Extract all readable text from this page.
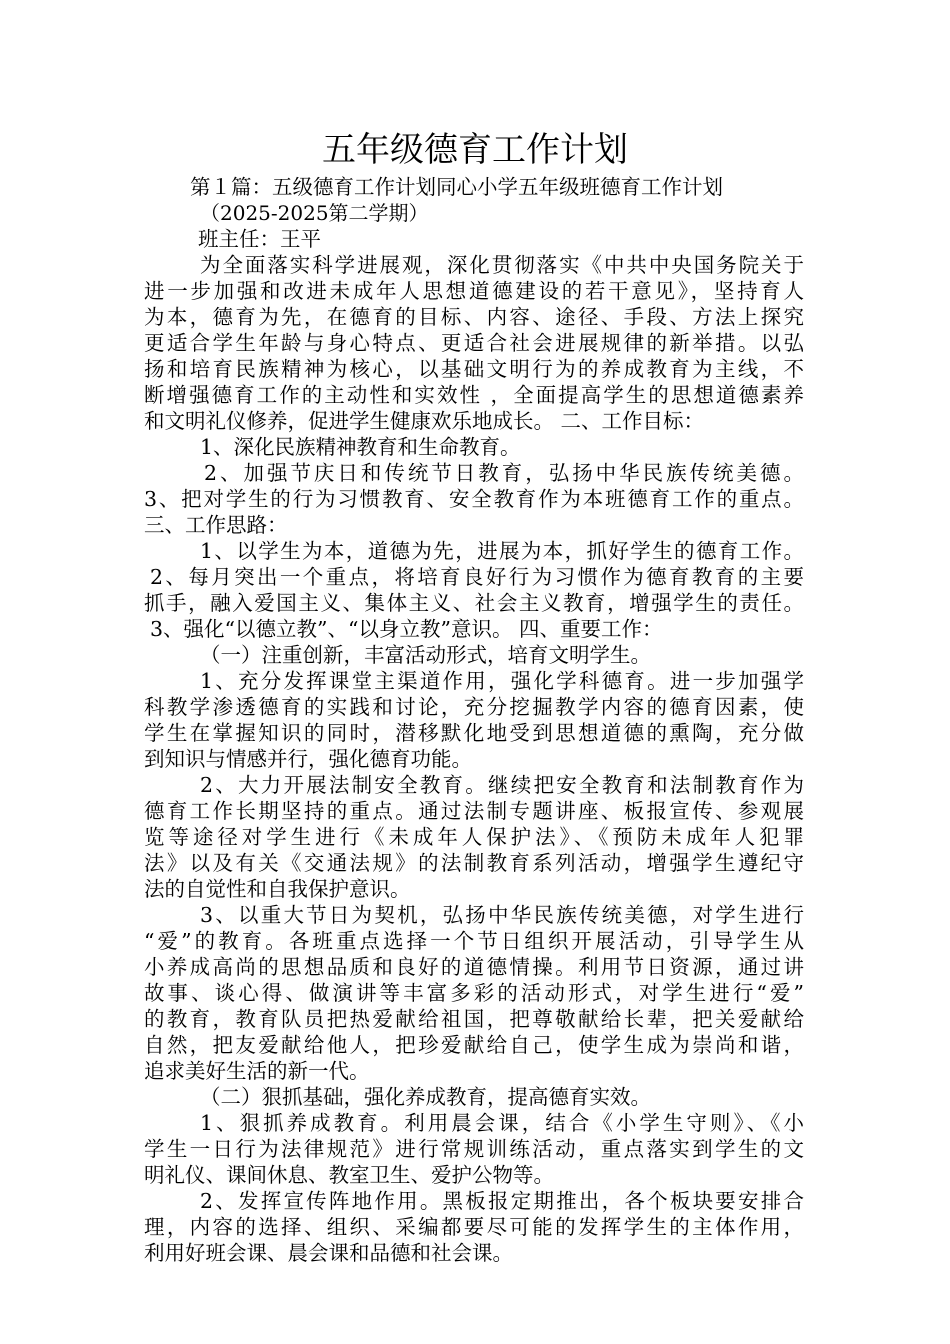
五年级德育工作计划
第１篇：五级德育工作计划同心小学五年级班德育工作计划
（2025-2025第二学期）
班主任：王平
为全面落实科学进展观，深化贯彻落实《中共中央国务院关于
进一步加强和改进未成年人思想道德建设的若干意见》，坚持育人
为本，德育为先，在德育的目标、内容、途径、手段、方法上探究
更适合学生年龄与身心特点、更适合社会进展规律的新举措。以弘
扬和培育民族精神为核心，以基础文明行为的养成教育为主线，不
断增强德育工作的主动性和实效性 ，全面提高学生的思想道德素养
和文明礼仪修养，促进学生健康欢乐地成长。 二、工作目标：
1、深化民族精神教育和生命教育。
2、加强节庆日和传统节日教育，弘扬中华民族传统美德。
3、把对学生的行为习惯教育、安全教育作为本班德育工作的重点。
三、工作思路：
1、以学生为本，道德为先，进展为本，抓好学生的德育工作。
2、每月突出一个重点，将培育良好行为习惯作为德育教育的主要
抓手，融入爱国主义、集体主义、社会主义教育，增强学生的责任。
3、强化“以德立教”、“以身立教”意识。 四、重要工作：
（一）注重创新，丰富活动形式，培育文明学生。
1、充分发挥课堂主渠道作用，强化学科德育。进一步加强学
科教学渗透德育的实践和讨论，充分挖掘教学内容的德育因素，使
学生在掌握知识的同时，潜移默化地受到思想道德的熏陶，充分做
到知识与情感并行，强化德育功能。
2、大力开展法制安全教育。继续把安全教育和法制教育作为
德育工作长期坚持的重点。通过法制专题讲座、板报宣传、参观展
览等途径对学生进行《未成年人保护法》、《预防未成年人犯罪
法》以及有关《交通法规》的法制教育系列活动，增强学生遵纪守
法的自觉性和自我保护意识。
3、以重大节日为契机，弘扬中华民族传统美德，对学生进行
“爱”的教育。各班重点选择一个节日组织开展活动，引导学生从
小养成高尚的思想品质和良好的道德情操。利用节日资源，通过讲
故事、谈心得、做演讲等丰富多彩的活动形式，对学生进行“爱”
的教育，教育队员把热爱献给祖国，把尊敬献给长辈，把关爱献给
自然，把友爱献给他人，把珍爱献给自己，使学生成为崇尚和谐，
追求美好生活的新一代。
（二）狠抓基础，强化养成教育，提高德育实效。
1、狠抓养成教育。利用晨会课，结合《小学生守则》、《小
学生一日行为法律规范》进行常规训练活动，重点落实到学生的文
明礼仪、课间休息、教室卫生、爱护公物等。
2、发挥宣传阵地作用。黑板报定期推出，各个板块要安排合
理，内容的选择、组织、采编都要尽可能的发挥学生的主体作用，
利用好班会课、晨会课和品德和社会课。
